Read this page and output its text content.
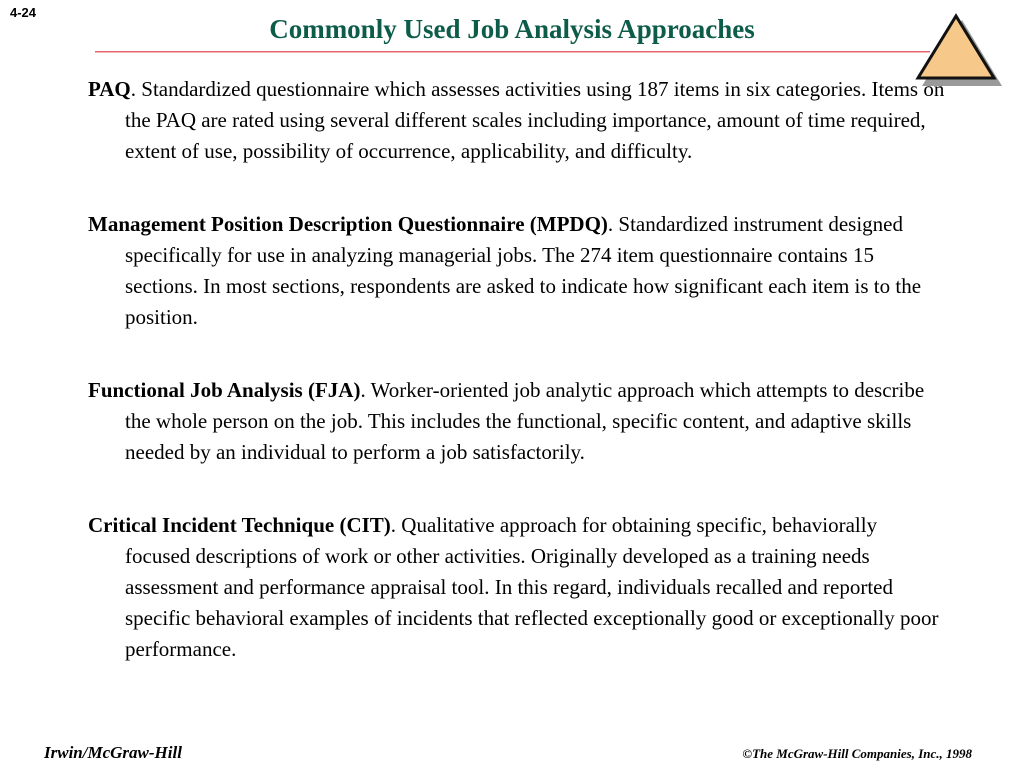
4-24
Commonly Used Job Analysis Approaches

PAQ. Standardized questionnaire which assesses activities using 187 items in six categories. Items on the PAQ are rated using several different scales including importance, amount of time required, extent of use, possibility of occurrence, applicability, and difficulty.

Management Position Description Questionnaire (MPDQ). Standardized instrument designed specifically for use in analyzing managerial jobs. The 274 item questionnaire contains 15 sections. In most sections, respondents are asked to indicate how significant each item is to the position.

Functional Job Analysis (FJA). Worker-oriented job analytic approach which attempts to describe the whole person on the job. This includes the functional, specific content, and adaptive skills needed by an individual to perform a job satisfactorily.

Critical Incident Technique (CIT). Qualitative approach for obtaining specific, behaviorally focused descriptions of work or other activities. Originally developed as a training needs assessment and performance appraisal tool. In this regard, individuals recalled and reported specific behavioral examples of incidents that reflected exceptionally good or exceptionally poor performance.

Irwin/McGraw-Hill	©The McGraw-Hill Companies, Inc., 1998
